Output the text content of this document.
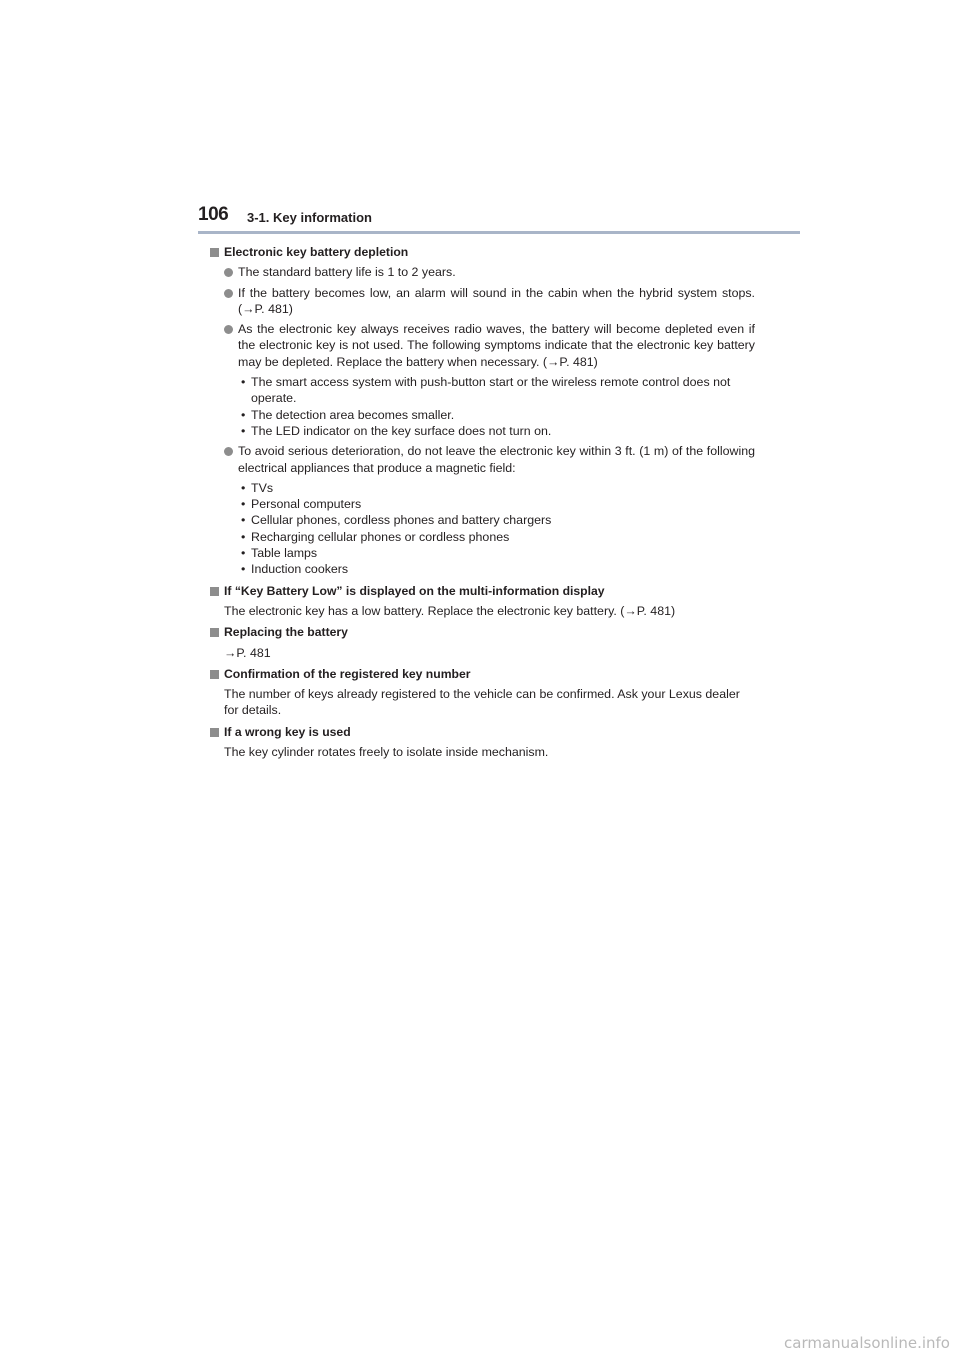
106 3-1. Key information
Electronic key battery depletion
The standard battery life is 1 to 2 years.
If the battery becomes low, an alarm will sound in the cabin when the hybrid system stops. (→P. 481)
As the electronic key always receives radio waves, the battery will become depleted even if the electronic key is not used. The following symptoms indicate that the electronic key battery may be depleted. Replace the battery when necessary. (→P. 481)
• The smart access system with push-button start or the wireless remote control does not operate.
• The detection area becomes smaller.
• The LED indicator on the key surface does not turn on.
To avoid serious deterioration, do not leave the electronic key within 3 ft. (1 m) of the following electrical appliances that produce a magnetic field:
• TVs
• Personal computers
• Cellular phones, cordless phones and battery chargers
• Recharging cellular phones or cordless phones
• Table lamps
• Induction cookers
If “Key Battery Low” is displayed on the multi-information display
The electronic key has a low battery. Replace the electronic key battery. (→P. 481)
Replacing the battery
→P. 481
Confirmation of the registered key number
The number of keys already registered to the vehicle can be confirmed. Ask your Lexus dealer for details.
If a wrong key is used
The key cylinder rotates freely to isolate inside mechanism.
carmanualsonline.info
